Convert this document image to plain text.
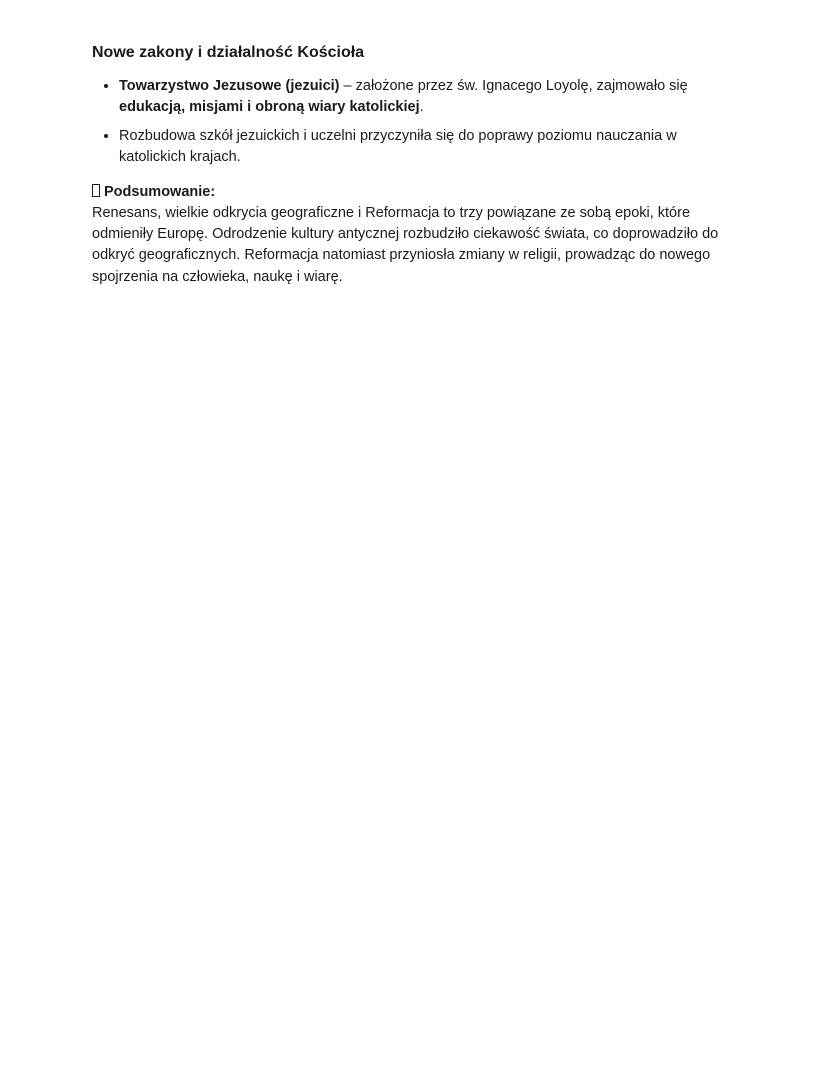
Nowe zakony i działalność Kościoła
• Towarzystwo Jezusowe (jezuici) – założone przez św. Ignacego Loyolę, zajmowało się edukacją, misjami i obroną wiary katolickiej.
• Rozbudowa szkół jezuickich i uczelni przyczyniła się do poprawy poziomu nauczania w katolickich krajach.
Podsumowanie:

Renesans, wielkie odkrycia geograficzne i Reformacja to trzy powiązane ze sobą epoki, które odmieniły Europę. Odrodzenie kultury antycznej rozbudziło ciekawość świata, co doprowadziło do odkryć geograficznych. Reformacja natomiast przyniosła zmiany w religii, prowadząc do nowego spojrzenia na człowieka, naukę i wiarę.
